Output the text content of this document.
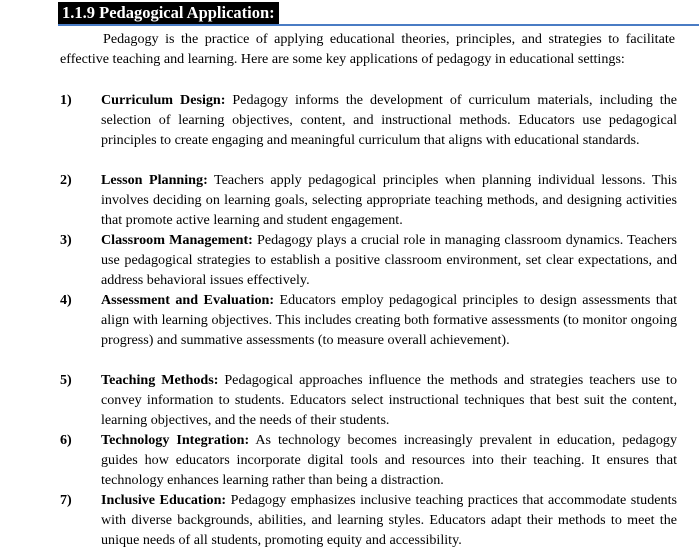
1.1.9 Pedagogical Application:

Pedagogy is the practice of applying educational theories, principles, and strategies to facilitate effective teaching and learning. Here are some key applications of pedagogy in educational settings:

1) Curriculum Design: Pedagogy informs the development of curriculum materials, including the selection of learning objectives, content, and instructional methods. Educators use pedagogical principles to create engaging and meaningful curriculum that aligns with educational standards.
2) Lesson Planning: Teachers apply pedagogical principles when planning individual lessons. This involves deciding on learning goals, selecting appropriate teaching methods, and designing activities that promote active learning and student engagement.
3) Classroom Management: Pedagogy plays a crucial role in managing classroom dynamics. Teachers use pedagogical strategies to establish a positive classroom environment, set clear expectations, and address behavioral issues effectively.
4) Assessment and Evaluation: Educators employ pedagogical principles to design assessments that align with learning objectives. This includes creating both formative assessments (to monitor ongoing progress) and summative assessments (to measure overall achievement).
5) Teaching Methods: Pedagogical approaches influence the methods and strategies teachers use to convey information to students. Educators select instructional techniques that best suit the content, learning objectives, and the needs of their students.
6) Technology Integration: As technology becomes increasingly prevalent in education, pedagogy guides how educators incorporate digital tools and resources into their teaching. It ensures that technology enhances learning rather than being a distraction.
7) Inclusive Education: Pedagogy emphasizes inclusive teaching practices that accommodate students with diverse backgrounds, abilities, and learning styles. Educators adapt their methods to meet the unique needs of all students, promoting equity and accessibility.
